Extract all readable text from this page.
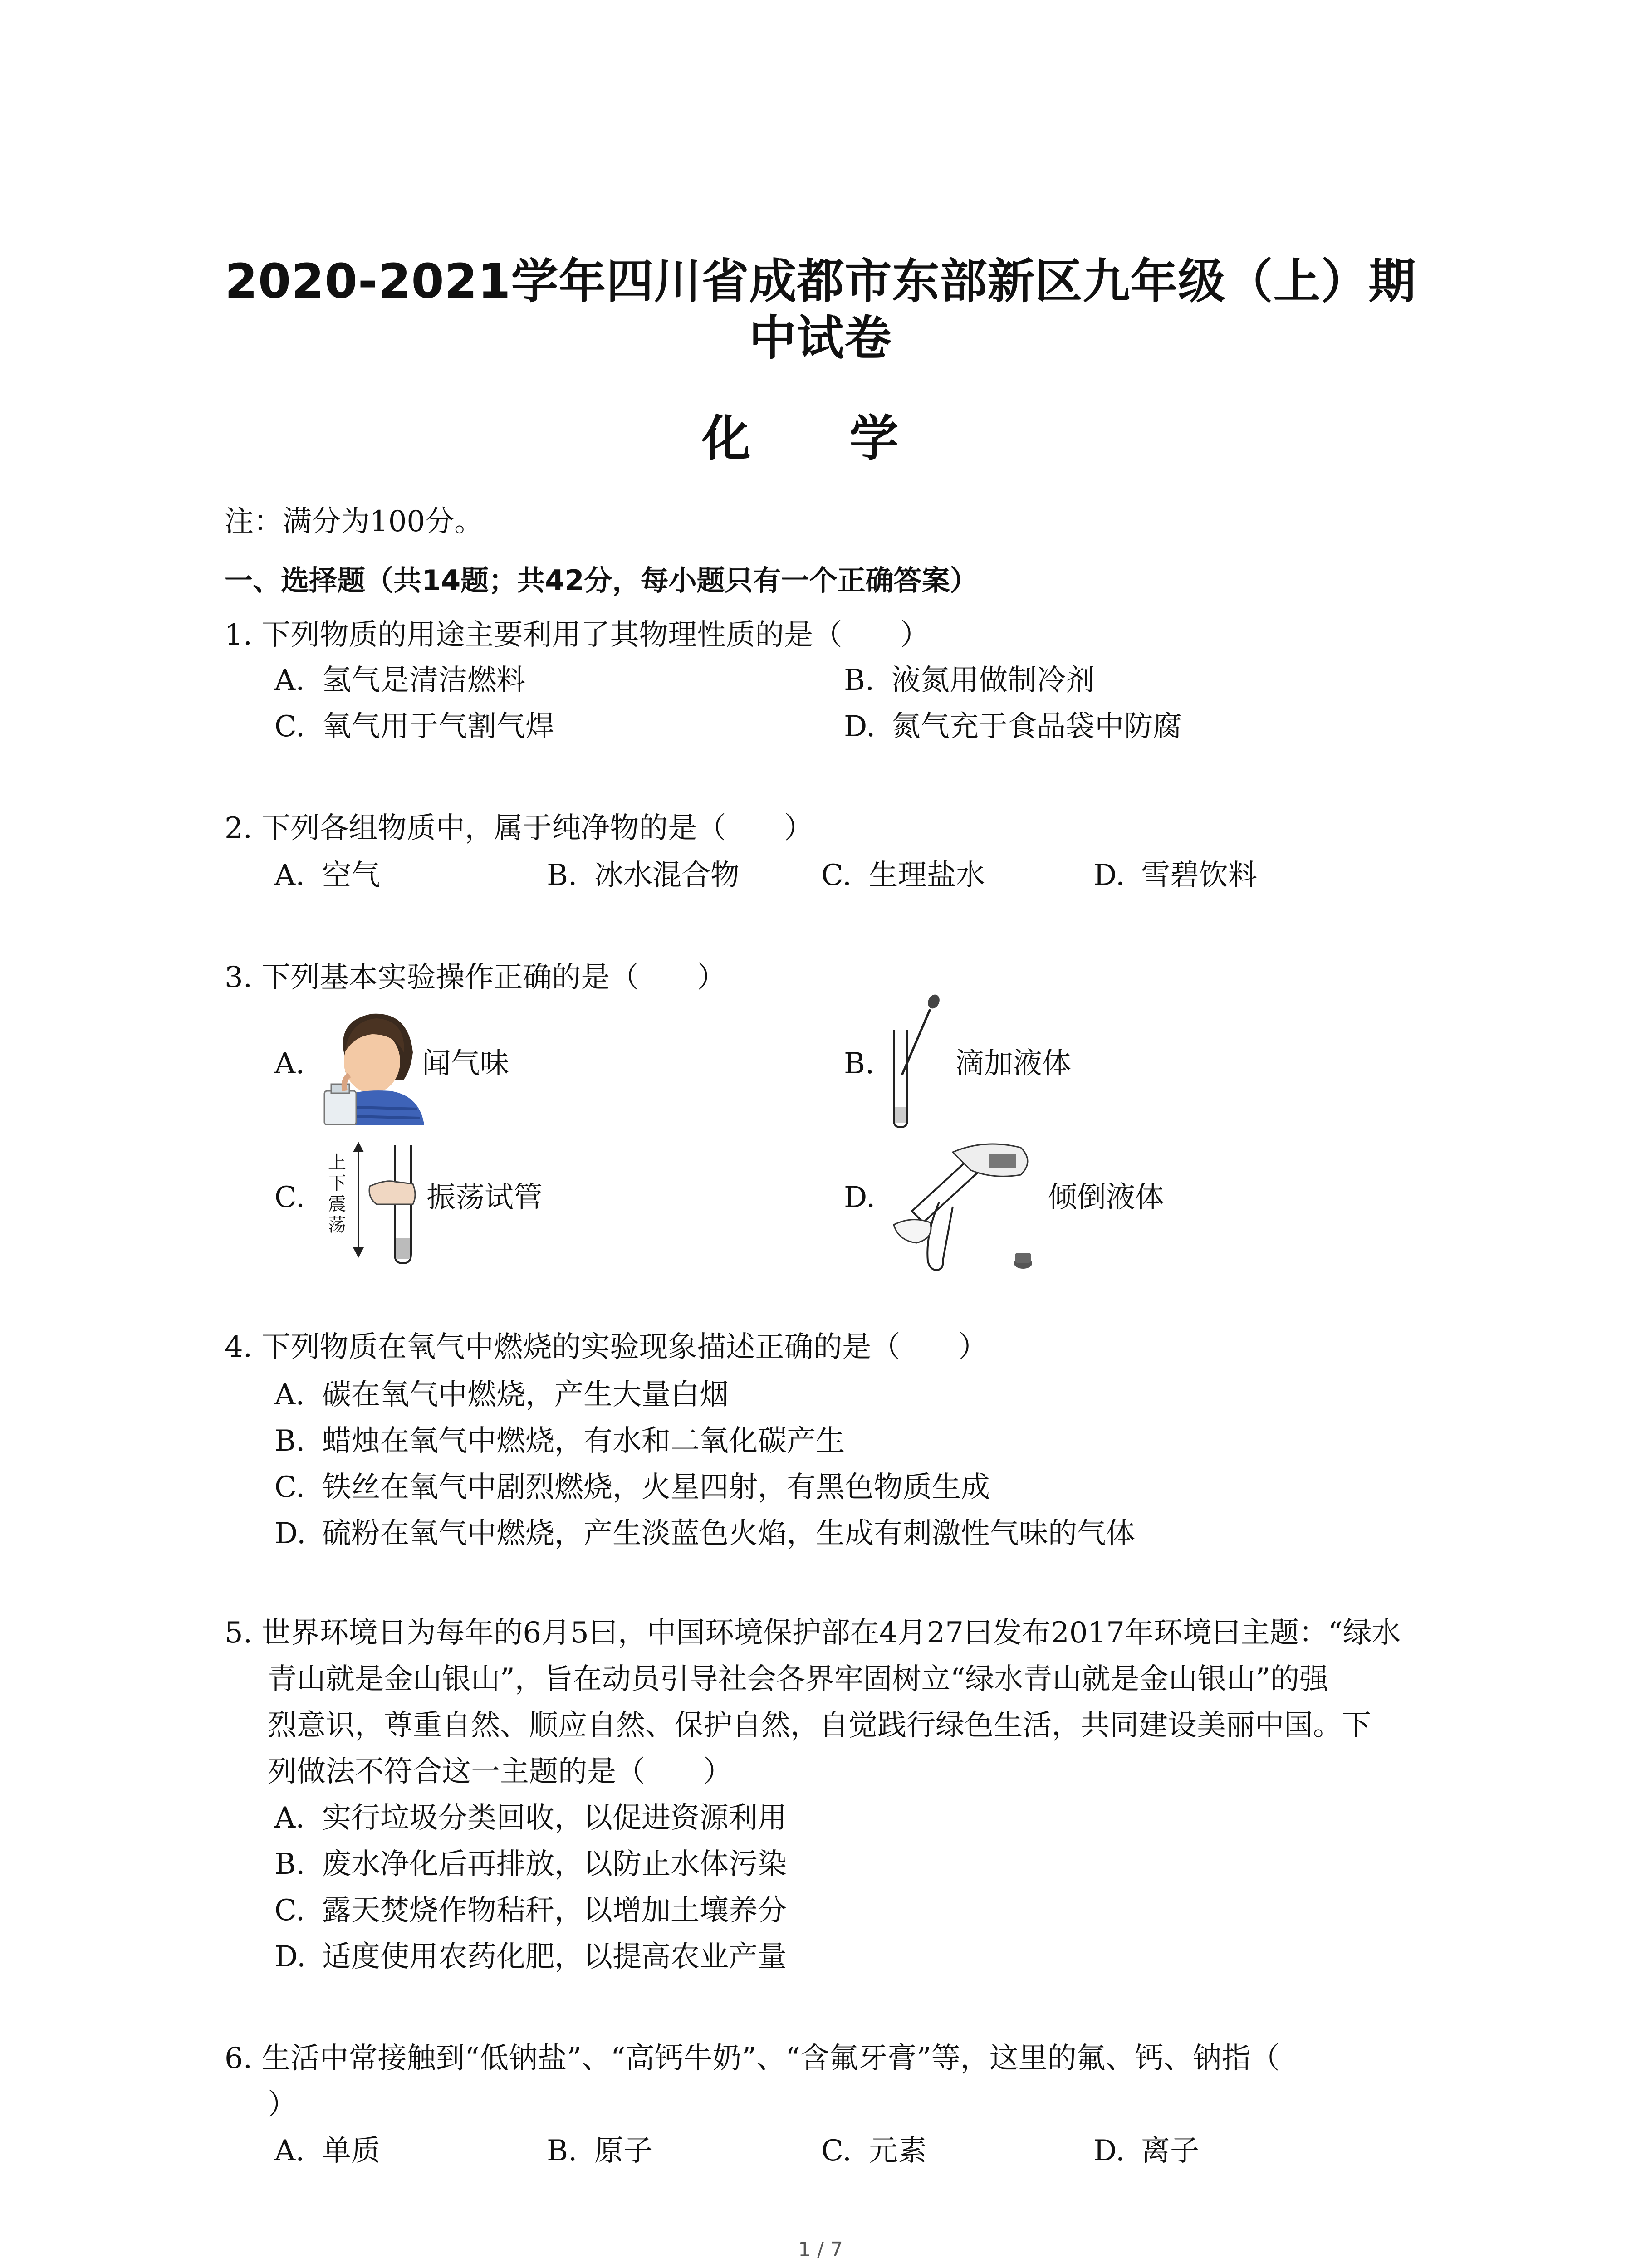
2020-2021学年四川省成都市东部新区九年级（上）期
中试卷
化 学
注：满分为100分。
一、选择题（共14题；共42分，每小题只有一个正确答案）
1. 下列物质的用途主要利用了其物理性质的是（　　）
A. 氢气是清洁燃料	B. 液氮用做制冷剂
C. 氧气用于气割气焊	D. 氮气充于食品袋中防腐
2. 下列各组物质中，属于纯净物的是（　　）
A. 空气	B. 冰水混合物	C. 生理盐水	D. 雪碧饮料
3. 下列基本实验操作正确的是（　　）
A.	闻气味	B.	滴加液体
C.
上
下
震
荡
振荡试管	D.	倾倒液体
4. 下列物质在氧气中燃烧的实验现象描述正确的是（　　）
A. 碳在氧气中燃烧，产生大量白烟
B. 蜡烛在氧气中燃烧，有水和二氧化碳产生
C. 铁丝在氧气中剧烈燃烧，火星四射，有黑色物质生成
D. 硫粉在氧气中燃烧，产生淡蓝色火焰，生成有刺激性气味的气体
5. 世界环境日为每年的6月5曰，中国环境保护部在4月27曰发布2017年环境曰主题：“绿水
青山就是金山银山”，旨在动员引导社会各界牢固树立“绿水青山就是金山银山”的强
烈意识，尊重自然、顺应自然、保护自然，自觉践行绿色生活，共同建设美丽中国。下
列做法不符合这一主题的是（　　）
A. 实行垃圾分类回收，以促进资源利用
B. 废水净化后再排放，以防止水体污染
C. 露天焚烧作物秸秆，以增加土壤养分
D. 适度使用农药化肥，以提高农业产量
6. 生活中常接触到“低钠盐”、“高钙牛奶”、“含氟牙膏”等，这里的氟、钙、钠指（
）
A. 单质	B. 原子	C. 元素	D. 离子
1 / 7
